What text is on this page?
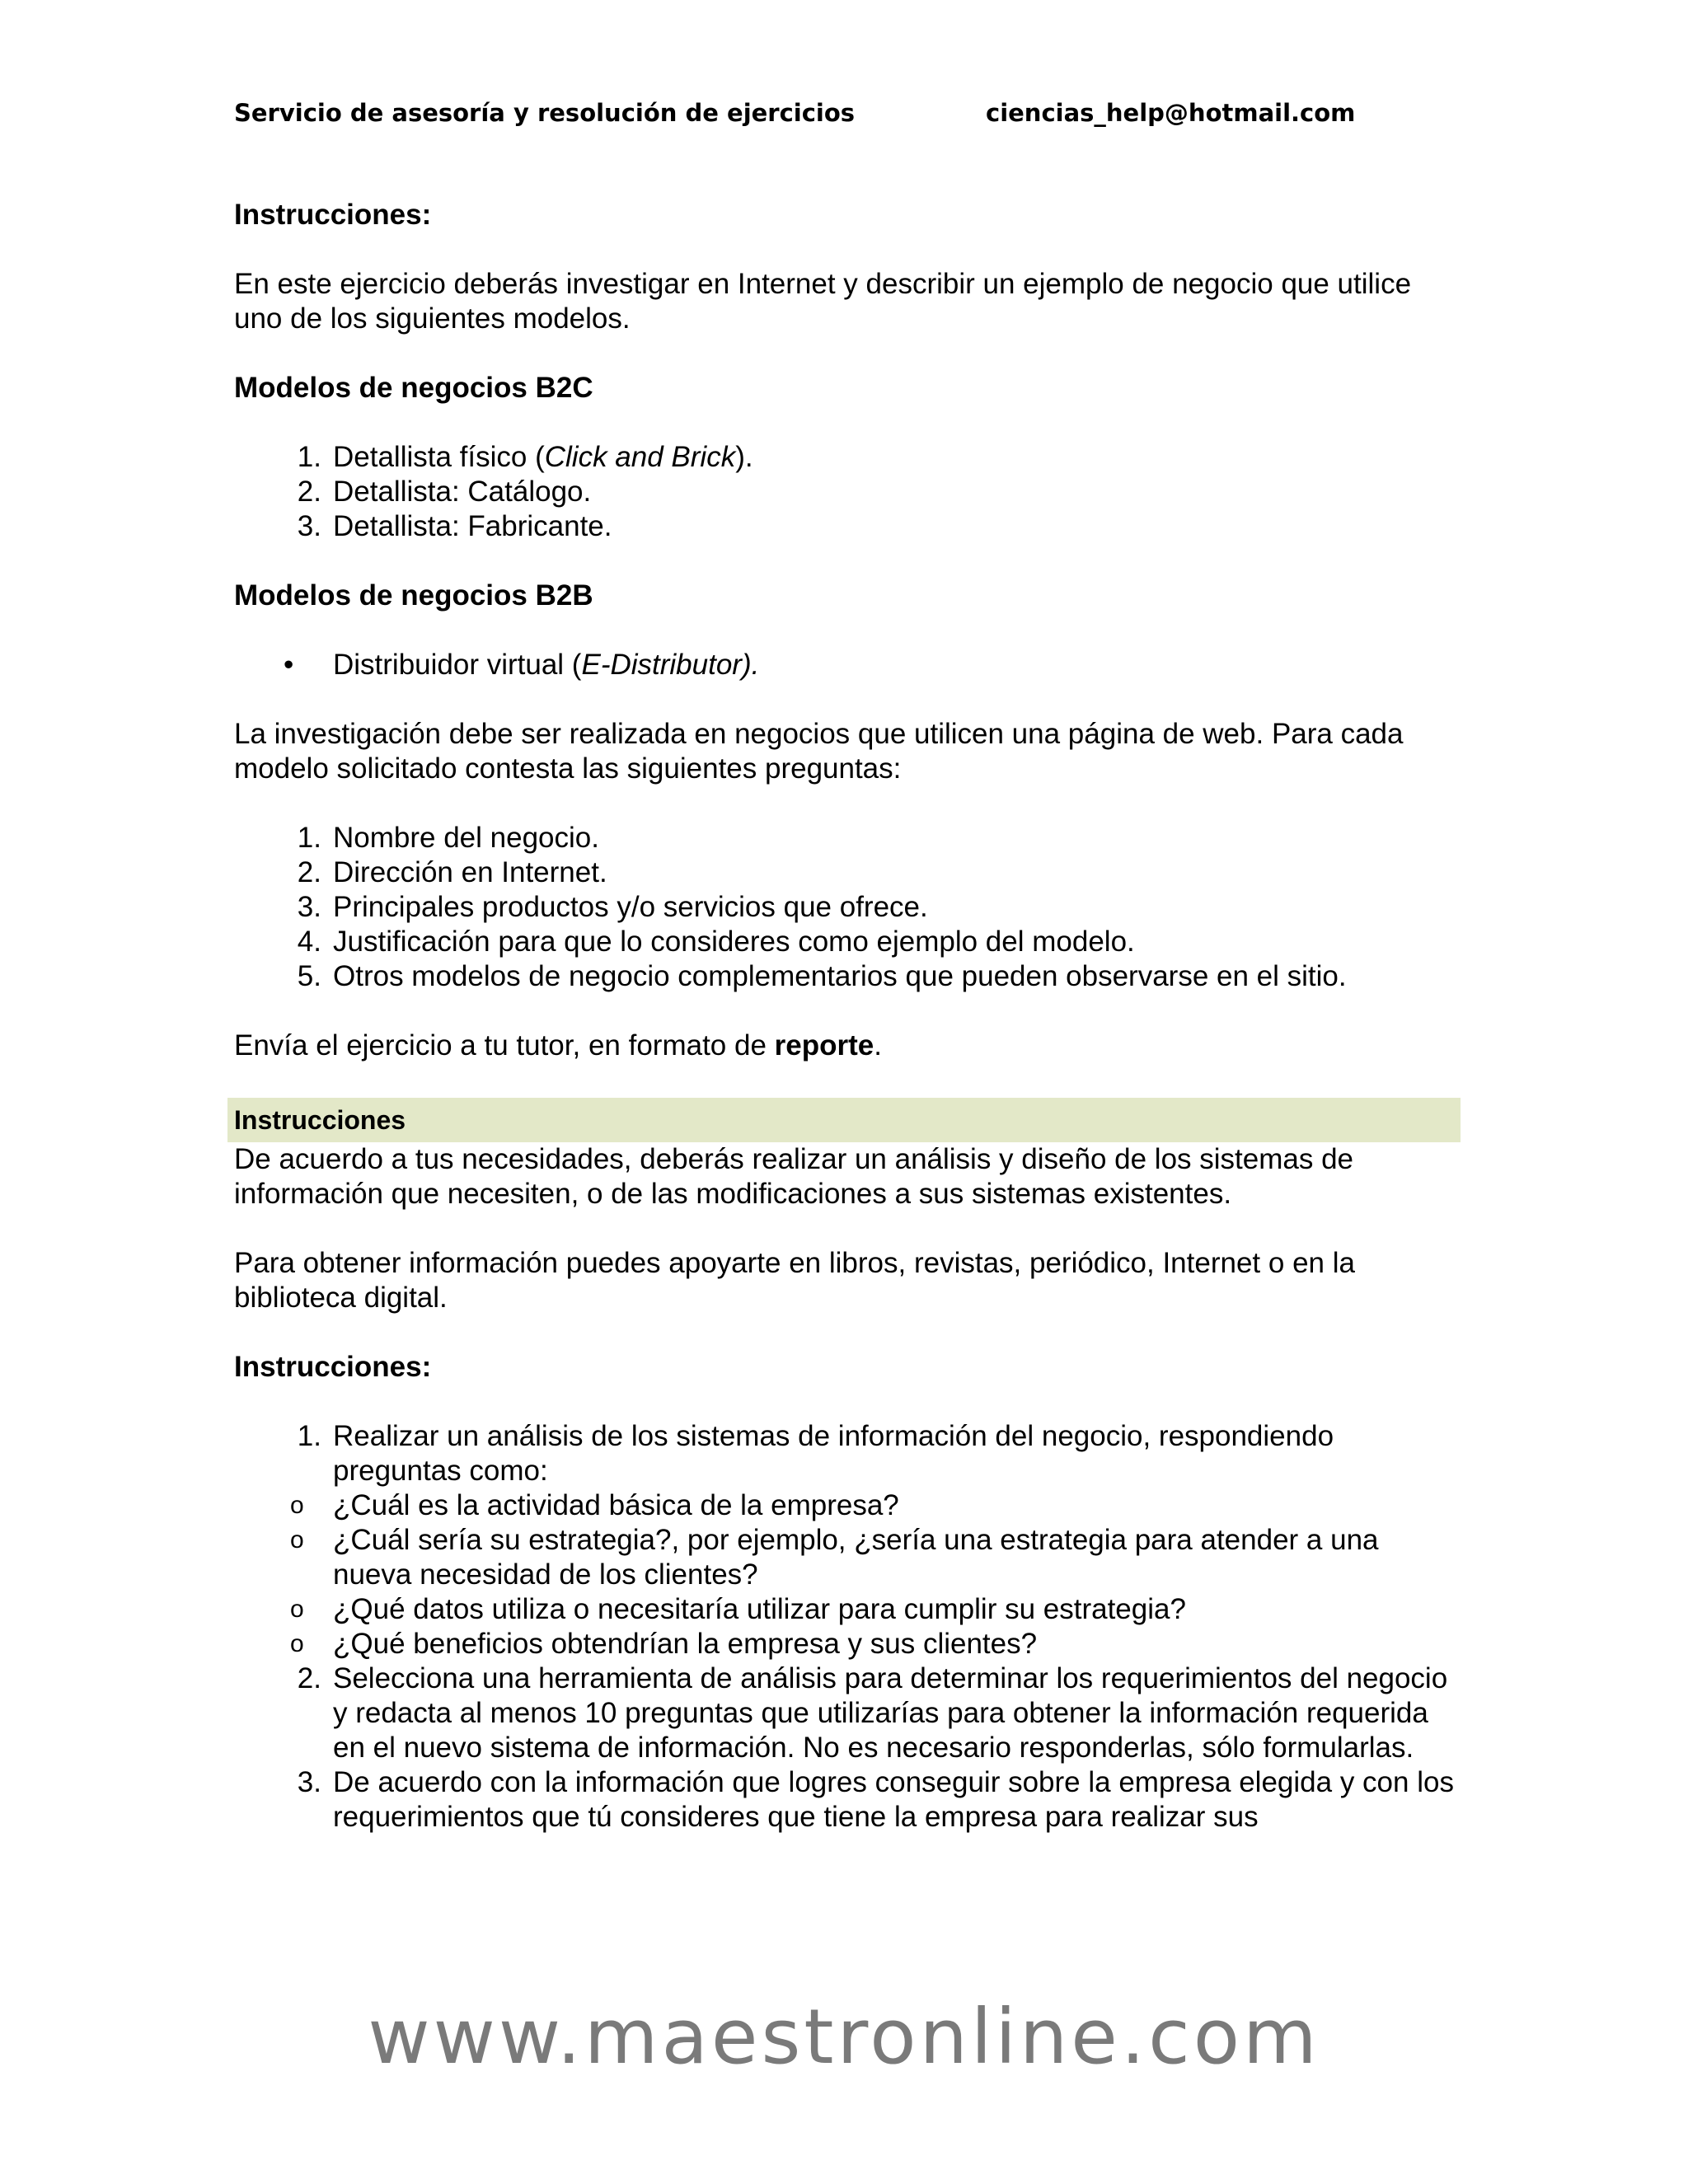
Servicio de asesoría y resolución de ejercicios	ciencias_help@hotmail.com

Instrucciones:

En este ejercicio deberás investigar en Internet y describir un ejemplo de negocio que utilice uno de los siguientes modelos.

Modelos de negocios B2C

1 . Detallista físico (Click and Brick).
2 . Detallista: Catálogo.
3 . Detallista: Fabricante.

Modelos de negocios B2B

•	Distribuidor virtual (E-Distributor).

La investigación debe ser realizada en negocios que utilicen una página de web. Para cada modelo solicitado contesta las siguientes preguntas:

1 . Nombre del negocio.
2 . Dirección en Internet.
3 . Principales productos y/o servicios que ofrece.
4 . Justificación para que lo consideres como ejemplo del modelo.
5 . Otros modelos de negocio complementarios que pueden observarse en el sitio.

Envía el ejercicio a tu tutor, en formato de reporte.

Instrucciones

De acuerdo a tus necesidades, deberás realizar un análisis y diseño de los sistemas de información que necesiten, o de las modificaciones a sus sistemas existentes.

Para obtener información puedes apoyarte en libros, revistas, periódico, Internet o en la biblioteca digital.

Instrucciones:

1 . Realizar un análisis de los sistemas de información del negocio, respondiendo preguntas como:
o	¿Cuál es la actividad básica de la empresa?
o	¿Cuál sería su estrategia?, por ejemplo, ¿sería una estrategia para atender a una nueva necesidad de los clientes?
o	¿Qué datos utiliza o necesitaría utilizar para cumplir su estrategia?
o	¿Qué beneficios obtendrían la empresa y sus clientes?
2 . Selecciona una herramienta de análisis para determinar los requerimientos del negocio y redacta al menos 10 preguntas que utilizarías para obtener la información requerida en el nuevo sistema de información. No es necesario responderlas, sólo formularlas.
3 . De acuerdo con la información que logres conseguir sobre la empresa elegida y con los requerimientos que tú consideres que tiene la empresa para realizar sus
www.maestronline.com
